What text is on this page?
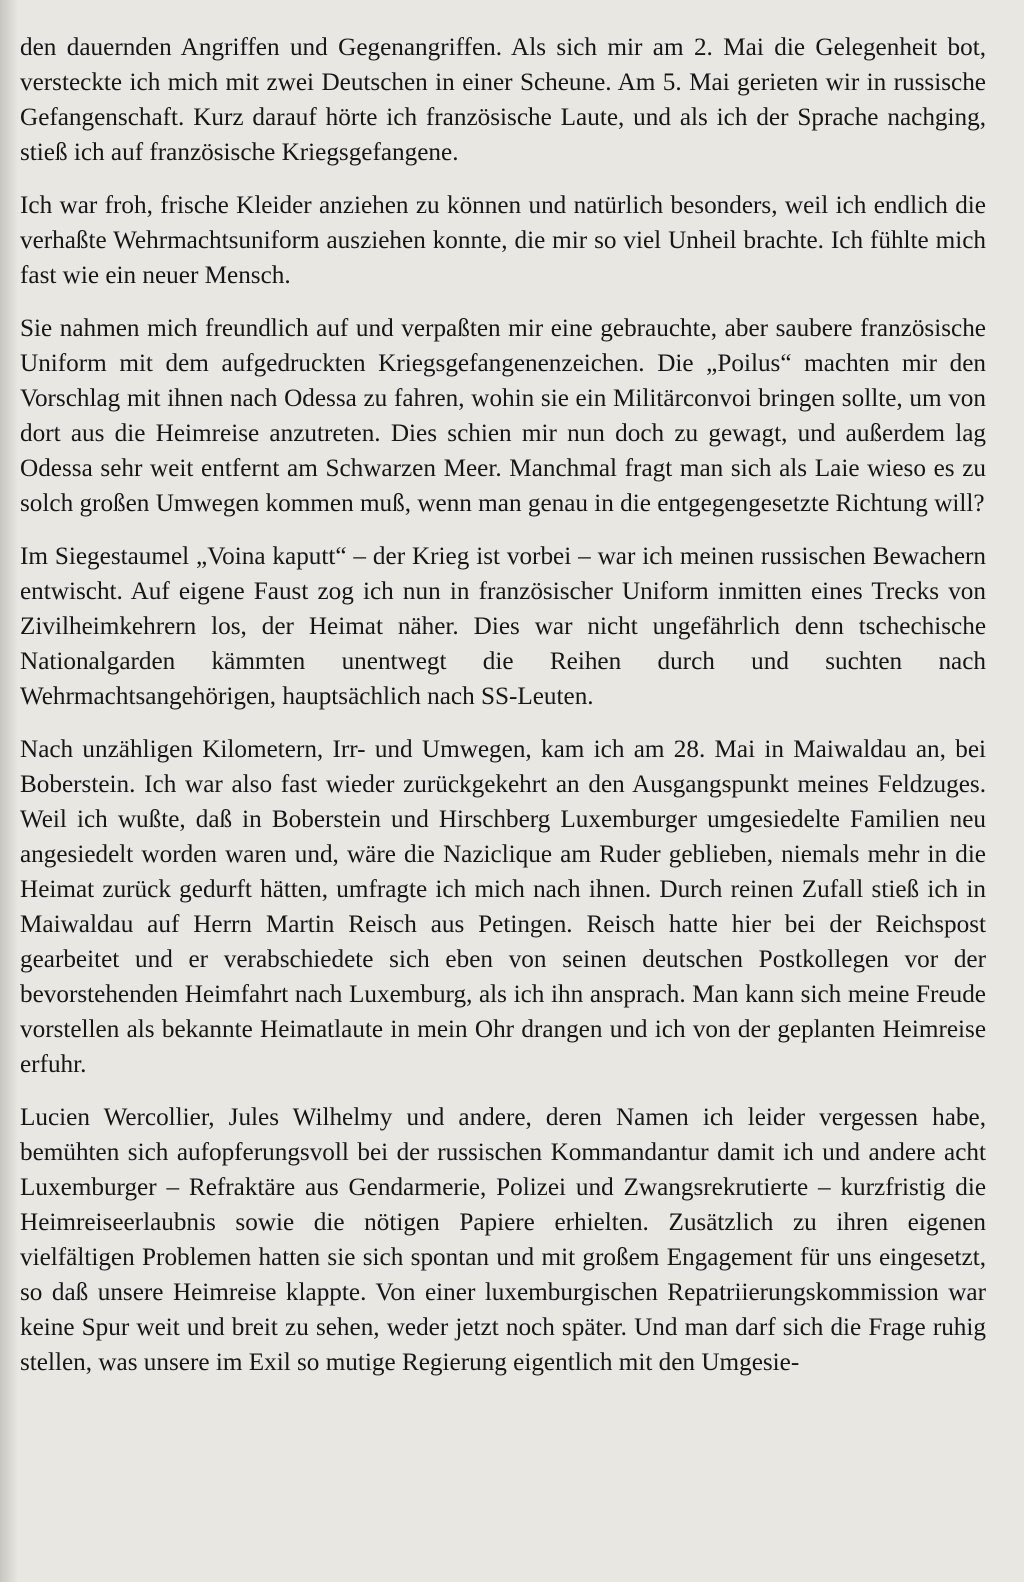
den dauernden Angriffen und Gegenangriffen. Als sich mir am 2. Mai die Gelegenheit bot, versteckte ich mich mit zwei Deutschen in einer Scheune. Am 5. Mai gerieten wir in russische Gefangenschaft. Kurz darauf hörte ich französische Laute, und als ich der Sprache nachging, stieß ich auf französische Kriegsgefangene.

Ich war froh, frische Kleider anziehen zu können und natürlich besonders, weil ich endlich die verhaßte Wehrmachtsuniform ausziehen konnte, die mir so viel Unheil brachte. Ich fühlte mich fast wie ein neuer Mensch.

Sie nahmen mich freundlich auf und verpaßten mir eine gebrauchte, aber saubere französische Uniform mit dem aufgedruckten Kriegsgefangenenzeichen. Die „Poilus“ machten mir den Vorschlag mit ihnen nach Odessa zu fahren, wohin sie ein Militärconvoi bringen sollte, um von dort aus die Heimreise anzutreten. Dies schien mir nun doch zu gewagt, und außerdem lag Odessa sehr weit entfernt am Schwarzen Meer. Manchmal fragt man sich als Laie wieso es zu solch großen Umwegen kommen muß, wenn man genau in die entgegengesetzte Richtung will?

Im Siegestaumel „Voina kaputt“ – der Krieg ist vorbei – war ich meinen russischen Bewachern entwischt. Auf eigene Faust zog ich nun in französischer Uniform inmitten eines Trecks von Zivilheimkehrern los, der Heimat näher. Dies war nicht ungefährlich denn tschechische Nationalgarden kämmten unentwegt die Reihen durch und suchten nach Wehrmachtsangehörigen, hauptsächlich nach SS-Leuten.

Nach unzähligen Kilometern, Irr- und Umwegen, kam ich am 28. Mai in Maiwaldau an, bei Boberstein. Ich war also fast wieder zurückgekehrt an den Ausgangspunkt meines Feldzuges. Weil ich wußte, daß in Boberstein und Hirschberg Luxemburger umgesiedelte Familien neu angesiedelt worden waren und, wäre die Naziclique am Ruder geblieben, niemals mehr in die Heimat zurück gedurft hätten, umfragte ich mich nach ihnen. Durch reinen Zufall stieß ich in Maiwaldau auf Herrn Martin Reisch aus Petingen. Reisch hatte hier bei der Reichspost gearbeitet und er verabschiedete sich eben von seinen deutschen Postkollegen vor der bevorstehenden Heimfahrt nach Luxemburg, als ich ihn ansprach. Man kann sich meine Freude vorstellen als bekannte Heimatlaute in mein Ohr drangen und ich von der geplanten Heimreise erfuhr.

Lucien Wercollier, Jules Wilhelmy und andere, deren Namen ich leider vergessen habe, bemühten sich aufopferungsvoll bei der russischen Kommandantur damit ich und andere acht Luxemburger – Refraktäre aus Gendarmerie, Polizei und Zwangsrekrutierte – kurzfristig die Heimreiseerlaubnis sowie die nötigen Papiere erhielten. Zusätzlich zu ihren eigenen vielfältigen Problemen hatten sie sich spontan und mit großem Engagement für uns eingesetzt, so daß unsere Heimreise klappte. Von einer luxemburgischen Repatriierungskommission war keine Spur weit und breit zu sehen, weder jetzt noch später. Und man darf sich die Frage ruhig stellen, was unsere im Exil so mutige Regierung eigentlich mit den Umgesie-
